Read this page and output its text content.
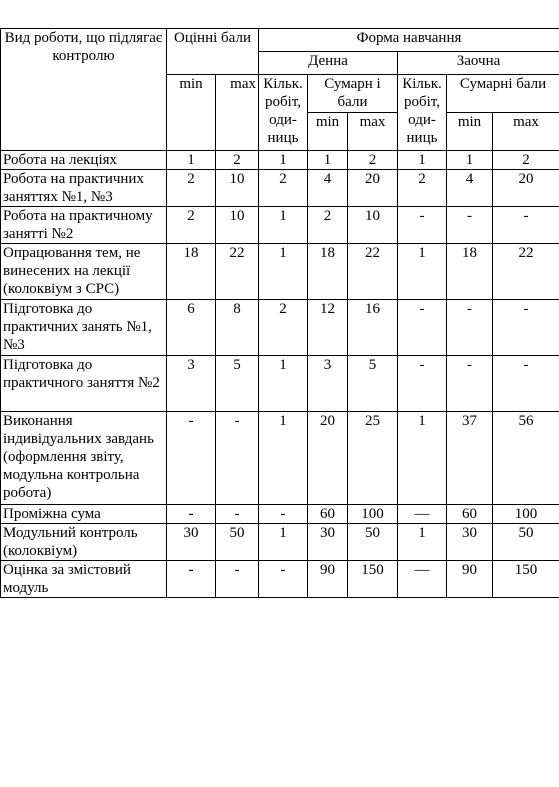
Вид роботи, що підлягає контролю	Оцінні бали		Форма навчання					
			Денна			Заочна		
	min	max	Кільк. робіт, оди-ниць	Сумарн і бали		Кільк. робіт, оди-ниць	Сумарні бали	
				min	max		min	max
Робота на лекціях	1	2	1	1	2	1	1	2
Робота на практичних заняттях №1, №3	2	10	2	4	20	2	4	20
Робота на практичному занятті №2	2	10	1	2	10	-	-	-
Опрацювання тем, не винесених на лекції (колоквіум з СРС)	18	22	1	18	22	1	18	22
Підготовка до практичних занять №1, №3	6	8	2	12	16	-	-	-
Підготовка до практичного заняття №2	3	5	1	3	5	-	-	-
Виконання індивідуальних завдань (оформлення звіту, модульна контрольна робота)	-	-	1	20	25	1	37	56
Проміжна сума	-	-	-	60	100	—	60	100
Модульний контроль (колоквіум)	30	50	1	30	50	1	30	50
Оцінка за змістовий модуль	-	-	-	90	150	—	90	150
